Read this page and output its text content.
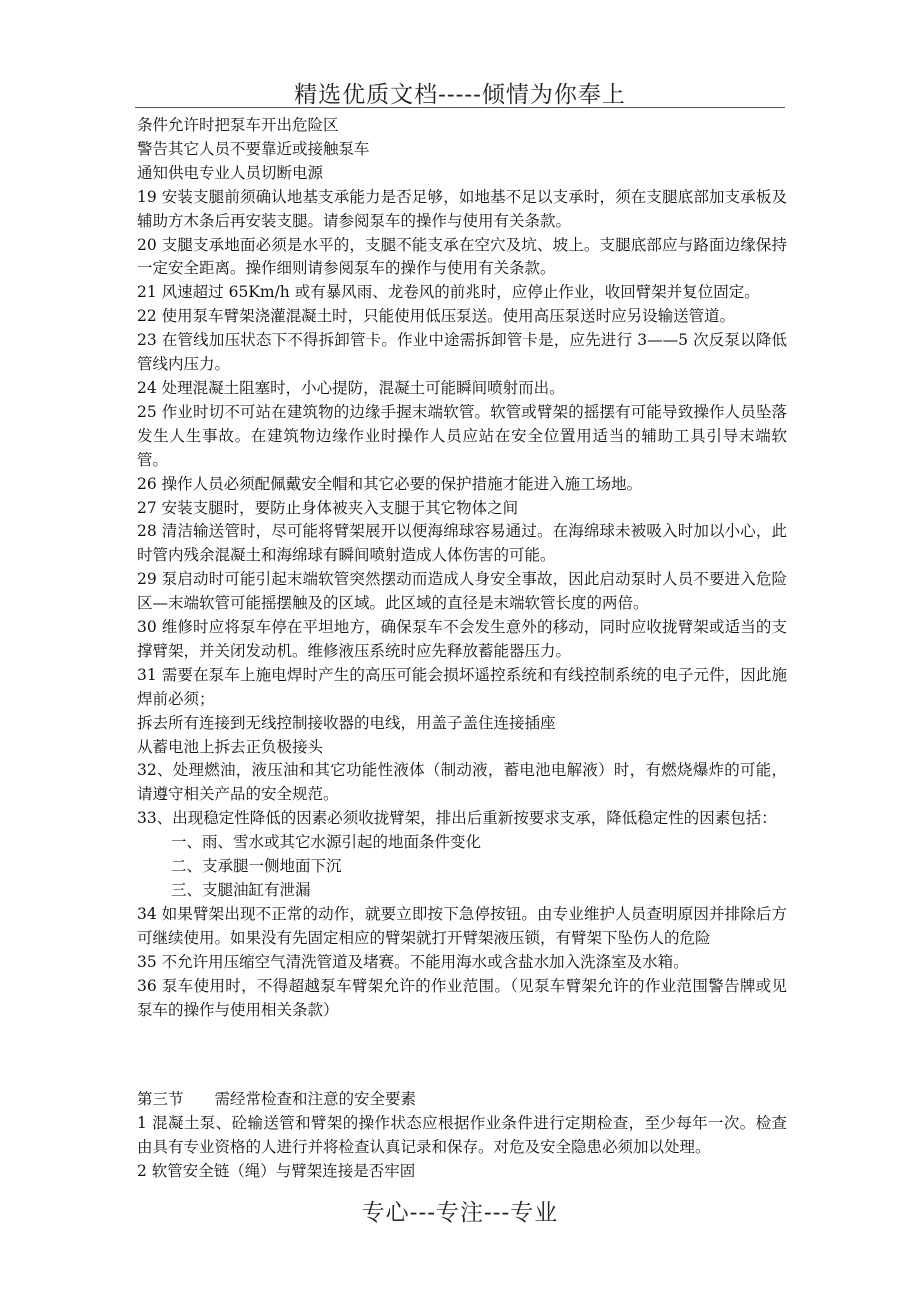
精选优质文档-----倾情为你奉上

条件允许时把泵车开出危险区

警告其它人员不要靠近或接触泵车

通知供电专业人员切断电源

19 安装支腿前须确认地基支承能力是否足够，如地基不足以支承时，须在支腿底部加支承板及辅助方木条后再安装支腿。请参阅泵车的操作与使用有关条款。

20 支腿支承地面必须是水平的，支腿不能支承在空穴及坑、坡上。支腿底部应与路面边缘保持一定安全距离。操作细则请参阅泵车的操作与使用有关条款。

21 风速超过 65Km/h 或有暴风雨、龙卷风的前兆时，应停止作业，收回臂架并复位固定。

22 使用泵车臂架浇灌混凝土时，只能使用低压泵送。使用高压泵送时应另设输送管道。

23 在管线加压状态下不得拆卸管卡。作业中途需拆卸管卡是，应先进行 3——5 次反泵以降低管线内压力。

24 处理混凝土阻塞时，小心提防，混凝土可能瞬间喷射而出。

25 作业时切不可站在建筑物的边缘手握末端软管。软管或臂架的摇摆有可能导致操作人员坠落发生人生事故。在建筑物边缘作业时操作人员应站在安全位置用适当的辅助工具引导末端软管。

26 操作人员必须配佩戴安全帽和其它必要的保护措施才能进入施工场地。

27 安装支腿时，要防止身体被夹入支腿于其它物体之间

28 清洁输送管时，尽可能将臂架展开以便海绵球容易通过。在海绵球未被吸入时加以小心，此时管内残余混凝土和海绵球有瞬间喷射造成人体伤害的可能。

29 泵启动时可能引起末端软管突然摆动而造成人身安全事故，因此启动泵时人员不要进入危险区—末端软管可能摇摆触及的区域。此区域的直径是末端软管长度的两倍。

30 维修时应将泵车停在平坦地方，确保泵车不会发生意外的移动，同时应收拢臂架或适当的支撑臂架，并关闭发动机。维修液压系统时应先释放蓄能器压力。

31 需要在泵车上施电焊时产生的高压可能会损坏遥控系统和有线控制系统的电子元件，因此施焊前必须；

拆去所有连接到无线控制接收器的电线，用盖子盖住连接插座

从蓄电池上拆去正负极接头

32、处理燃油，液压油和其它功能性液体（制动液，蓄电池电解液）时，有燃烧爆炸的可能，请遵守相关产品的安全规范。

33、出现稳定性降低的因素必须收拢臂架，排出后重新按要求支承，降低稳定性的因素包括：

一、雨、雪水或其它水源引起的地面条件变化

二、支承腿一侧地面下沉

三、支腿油缸有泄漏

34 如果臂架出现不正常的动作，就要立即按下急停按钮。由专业维护人员查明原因并排除后方可继续使用。如果没有先固定相应的臂架就打开臂架液压锁，有臂架下坠伤人的危险

35 不允许用压缩空气清洗管道及堵赛。不能用海水或含盐水加入洗涤室及水箱。

36 泵车使用时，不得超越泵车臂架允许的作业范围。（见泵车臂架允许的作业范围警告牌或见泵车的操作与使用相关条款）

第三节　　需经常检查和注意的安全要素

1 混凝土泵、砼输送管和臂架的操作状态应根据作业条件进行定期检查，至少每年一次。检查由具有专业资格的人进行并将检查认真记录和保存。对危及安全隐患必须加以处理。

2 软管安全链（绳）与臂架连接是否牢固

专心---专注---专业
